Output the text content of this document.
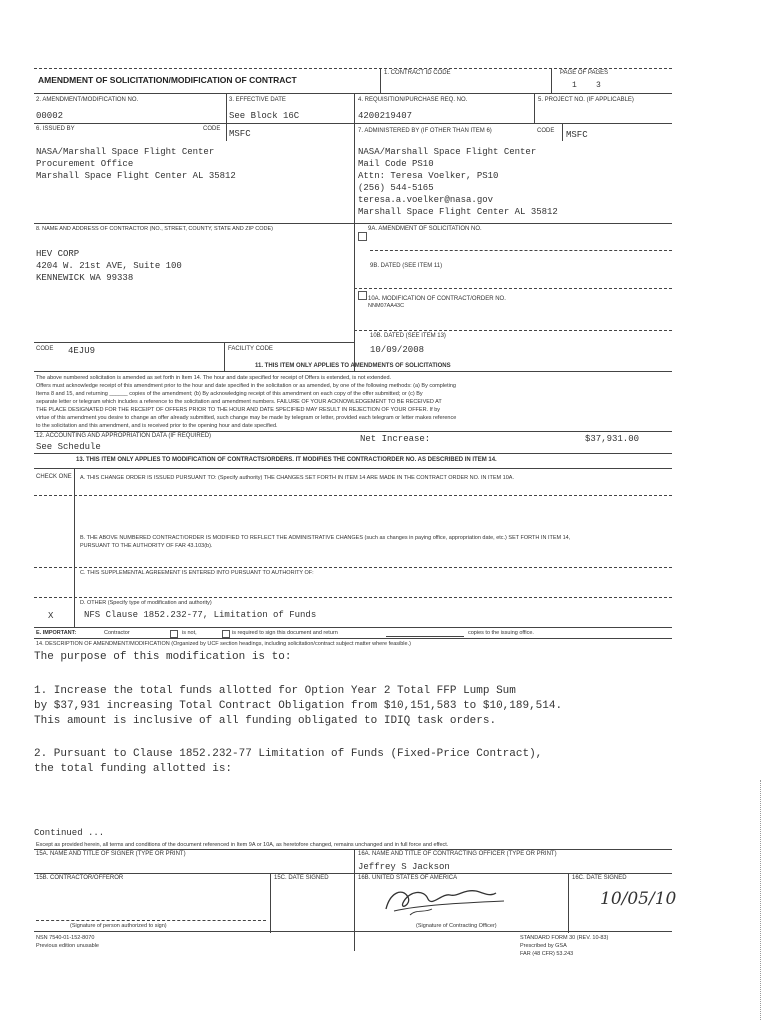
AMENDMENT OF SOLICITATION/MODIFICATION OF CONTRACT
1. CONTRACT ID CODE	PAGE OF PAGES
1 3
2. AMENDMENT/MODIFICATION NO.
00002
3. EFFECTIVE DATE
See Block 16C
4. REQUISITION/PURCHASE REQ. NO.
4200219407
5. PROJECT NO. (IF APPLICABLE)
6. ISSUED BY	CODE MSFC
NASA/Marshall Space Flight Center
Procurement Office
Marshall Space Flight Center AL 35812
7. ADMINISTERED BY (IF OTHER THAN ITEM 6)	CODE MSFC
NASA/Marshall Space Flight Center
Mail Code PS10
Attn: Teresa Voelker, PS10
(256) 544-5165
teresa.a.voelker@nasa.gov
Marshall Space Flight Center AL 35812
8. NAME AND ADDRESS OF CONTRACTOR (NO., STREET, COUNTY, STATE AND ZIP CODE)
HEV CORP
4204 W. 21st AVE, Suite 100
KENNEWICK WA 99338
9A. AMENDMENT OF SOLICITATION NO.
9B. DATED (SEE ITEM 11)
10A. MODIFICATION OF CONTRACT/ORDER NO.
NNM07AA43C
10B. DATED (SEE ITEM 13)
10/09/2008
CODE 4EJU9	FACILITY CODE
11. THIS ITEM ONLY APPLIES TO AMENDMENTS OF SOLICITATIONS
The above numbered solicitation is amended as set forth in Item 14. The hour and date specified for receipt of Offers is extended, is not extended.
Offers must acknowledge receipt of this amendment prior to the hour and date specified in the solicitation or as amended, by one of the following methods: (a) By completing
Items 8 and 15, and returning ______ copies of the amendment; (b) By acknowledging receipt of this amendment on each copy of the offer submitted; or (c) By
separate letter or telegram which includes a reference to the solicitation and amendment numbers. FAILURE OF YOUR ACKNOWLEDGEMENT TO BE RECEIVED AT
THE PLACE DESIGNATED FOR THE RECEIPT OF OFFERS PRIOR TO THE HOUR AND DATE SPECIFIED MAY RESULT IN REJECTION OF YOUR OFFER. If by
virtue of this amendment you desire to change an offer already submitted, such change may be made by telegram or letter, provided each telegram or letter makes reference
to the solicitation and this amendment, and is received prior to the opening hour and date specified.
12. ACCOUNTING AND APPROPRIATION DATA (IF REQUIRED)
See Schedule
Net Increase:	$37,931.00
13. THIS ITEM ONLY APPLIES TO MODIFICATION OF CONTRACTS/ORDERS. IT MODIFIES THE CONTRACT/ORDER NO. AS DESCRIBED IN ITEM 14.
CHECK ONE A. THIS CHANGE ORDER IS ISSUED PURSUANT TO: (Specify authority) THE CHANGES SET FORTH IN ITEM 14 ARE MADE IN THE CONTRACT ORDER NO. IN ITEM 10A.
B. THE ABOVE NUMBERED CONTRACT/ORDER IS MODIFIED TO REFLECT THE ADMINISTRATIVE CHANGES (such as changes in paying office, appropriation date, etc.) SET FORTH IN ITEM 14, PURSUANT TO THE AUTHORITY OF FAR 43.103(b).
C. THIS SUPPLEMENTAL AGREEMENT IS ENTERED INTO PURSUANT TO AUTHORITY OF:
D. OTHER (Specify type of modification and authority)
X	NFS Clause 1852.232-77, Limitation of Funds
E. IMPORTANT:	Contractor	is not,	is required to sign this document and return	copies to the issuing office.
14. DESCRIPTION OF AMENDMENT/MODIFICATION (Organized by UCF section headings, including solicitation/contract subject matter where feasible.)
The purpose of this modification is to:
1. Increase the total funds allotted for Option Year 2 Total FFP Lump Sum
by $37,931 increasing Total Contract Obligation from $10,151,583 to $10,189,514.
This amount is inclusive of all funding obligated to IDIQ task orders.
2. Pursuant to Clause 1852.232-77 Limitation of Funds (Fixed-Price Contract),
the total funding allotted is:
Continued ...
Except as provided herein, all terms and conditions of the document referenced in Item 9A or 10A, as heretofore changed, remains unchanged and in full force and effect.
15A. NAME AND TITLE OF SIGNER (TYPE OR PRINT)	16A. NAME AND TITLE OF CONTRACTING OFFICER (TYPE OR PRINT)
Jeffrey S Jackson
15B. CONTRACTOR/OFFEROR	15C. DATE SIGNED	16B. UNITED STATES OF AMERICA	16C. DATE SIGNED
10/05/10
(Signature of person authorized to sign)	(Signature of Contracting Officer)
NSN 7540-01-152-8070
Previous edition unusable
STANDARD FORM 30 (REV. 10-83)
Prescribed by GSA
FAR (48 CFR) 53.243
